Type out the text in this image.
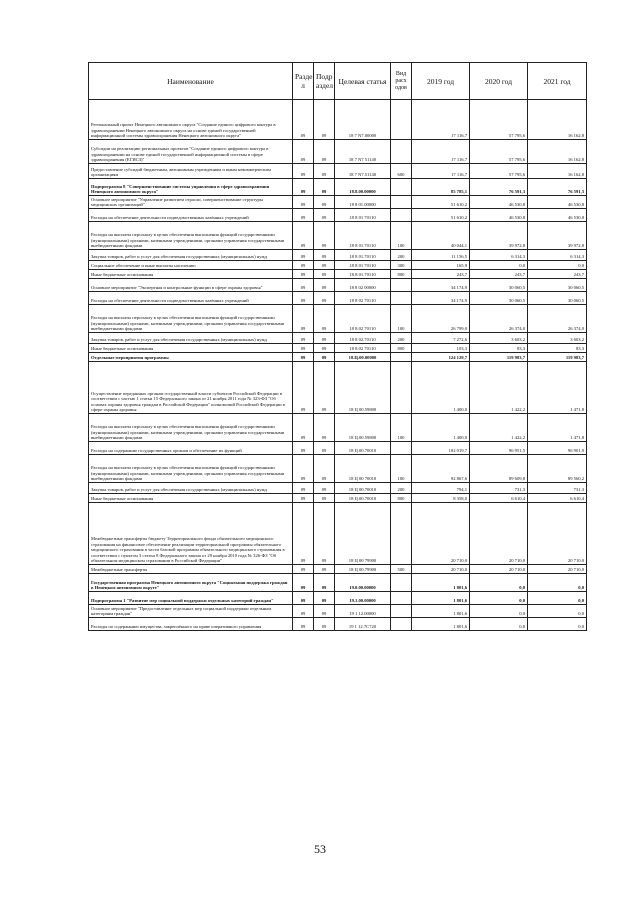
Наименование	Разде л	Подр аздел	Целевая статья	Вид расх одов	2019 год	2020 год	2021 год
Региональный проект Ненецкого автономного округа "Создание единого цифрового контура в здравоохранении Ненецкого автономного округа на основе единой государственной информационной системы здравоохранения Ненецкого автономного округа"	09	09	18 7 N7.00000		17 116,7	57 795,6	16 162,8
Субсидии на реализацию региональных проектов "Создание единого цифрового контура в здравоохранении на основе единой государственной информационной системы в сфере здравоохранения (ЕГИСЗ)"	09	09	18 7 N7 51140		17 116,7	57 795,6	16 162,8
Предоставление субсидий бюджетным, автономным учреждениям и иным некоммерческим организациям	09	09	18 7 N7.51140	600	17 116,7	57 795,6	16 162,8
Подпрограмма 8 "Совершенствование системы управления в сфере здравоохранения Ненецкого автономного округа"	09	09	18.8.00.00000		85 785,1	76 591,3	76 591,3
Основное мероприятие "Управление развитием отрасли, совершенствование структуры медицинских организаций"	09	09	18 8 01.00000		51 610,2	46 530,8	46 530,8
Расходы на обеспечение деятельности подведомственных казённых учреждений	09	09	18 8 01 70110		51 610,2	46 530,8	46 530,8
Расходы на выплаты персоналу в целях обеспечения выполнения функций государственными (муниципальными) органами, казенными учреждениями, органами управления государственными внебюджетными фондами	09	09	18 8 01.70110	100	40 044,1	39 972,8	39 972,8
Закупка товаров, работ и услуг для обеспечения государственных (муниципальных) нужд	09	09	18 8 01.70110	200	11 156,5	6 314,3	6 314,3
Социальное обеспечение и иные выплаты населению	09	09	18 8 01 70110	300	165,9	0,0	0,0
Иные бюджетные ассигнования	09	09	18.8.01.70110	800	243,7	243,7	243,7
Основное мероприятие "Экспертная и контрольные функции в сфере охраны здоровья"	09	09	18 8 02 00000		34 174,9	30 060,5	30 060,5
Расходы на обеспечение деятельности подведомственных казённых учреждений	09	09	18 8 02 70110		34 174,9	30 060,5	30 060,5
Расходы на выплаты персоналу в целях обеспечения выполнения функций государственными (муниципальными) органами, казенными учреждениями, органами управления государственными внебюджетными фондами	09	09	18 8.02 70110	100	26 799,0	26 374,0	26 374,0
Закупка товаров, работ и услуг для обеспечения государственных (муниципальных) нужд	09	09	18 8 02.70110	200	7 272,6	3 603,2	3 603,2
Иные бюджетные ассигнования	09	09	18 8.02 70110	800	103,3	83,3	83,3
Отдельные мероприятия программы	09	09	18.Ц.00.00000		124 129,7	119 983,7	119 983,7
Осуществление переданных органам государственной власти субъектов Российской Федерации в соответствии с частью 1 статьи 15 Федерального закона от 21 ноября 2011 года № 323-ФЗ "Об основах охраны здоровья граждан в Российской Федерации" полномочий Российской Федерации в сфере охраны здоровья	09	09	18 Ц 00.59800		1 400,0	1 422,2	1 471,8
Расходы на выплаты персоналу в целях обеспечения выполнения функций государственными (муниципальными) органами, казенными учреждениями, органами управления государственными внебюджетными фондами	09	09	18 Ц.00.59800	100	1 400,0	1 422,2	1 471,8
Расходы на содержание государственных органов и обеспечение их функций	09	09	18 Ц.00.70010		102 019,7	96 951,5	96 901,9
Расходы на выплаты персоналу в целях обеспечения выполнения функций государственными (муниципальными) органами, казенными учреждениями, органами управления государственными внебюджетными фондами	09	09	18 Ц 00 70010	100	92 867,6	89 609,8	89 560,2
Закупка товаров, работ и услуг для обеспечения государственных (муниципальных) нужд	09	09	18 Ц 00.70010	200	794,1	731,3	731,3
Иные бюджетные ассигнования	09	09	18 Ц.00.70010	800	8 358,0	6 610,4	6 610,4
Межбюджетные трансферты бюджету Территориального фонда обязательного медицинского страхования на финансовое обеспечение реализации территориальной программы обязательного медицинского страхования в части базовой программы обязательного медицинского страхования в соответствии с пунктом 3 статьи 8 Федерального закона от 29 ноября 2010 года № 326-ФЗ "Об обязательном медицинском страховании в Российской Федерации"	09	09	18 Ц 00 79900		20 710,0	20 710,0	20 710,0
Межбюджетные трансферты	09	09	18 Ц 00.79900	500	20 710,0	20 710,0	20 710,0
Государственная программа Ненецкого автономного округа "Социальная поддержка граждан в Ненецком автономном округе"	09	09	19.0.00.00000		1 801,6	0,0	0,0
Подпрограмма 1 "Развитие мер социальной поддержки отдельных категорий граждан"	09	09	19.1.00.00000		1 801,6	0,0	0,0
Основное мероприятие "Предоставление отдельных мер социальной поддержки отдельным категориям граждан"	09	09	19 1 12.00000		1 801,6	0,0	0,0
Расходы по содержанию имущества, закреплённого на праве оперативного управления	09	09	19 1 12.7С720		1 801,6	0,0	0,0
53
